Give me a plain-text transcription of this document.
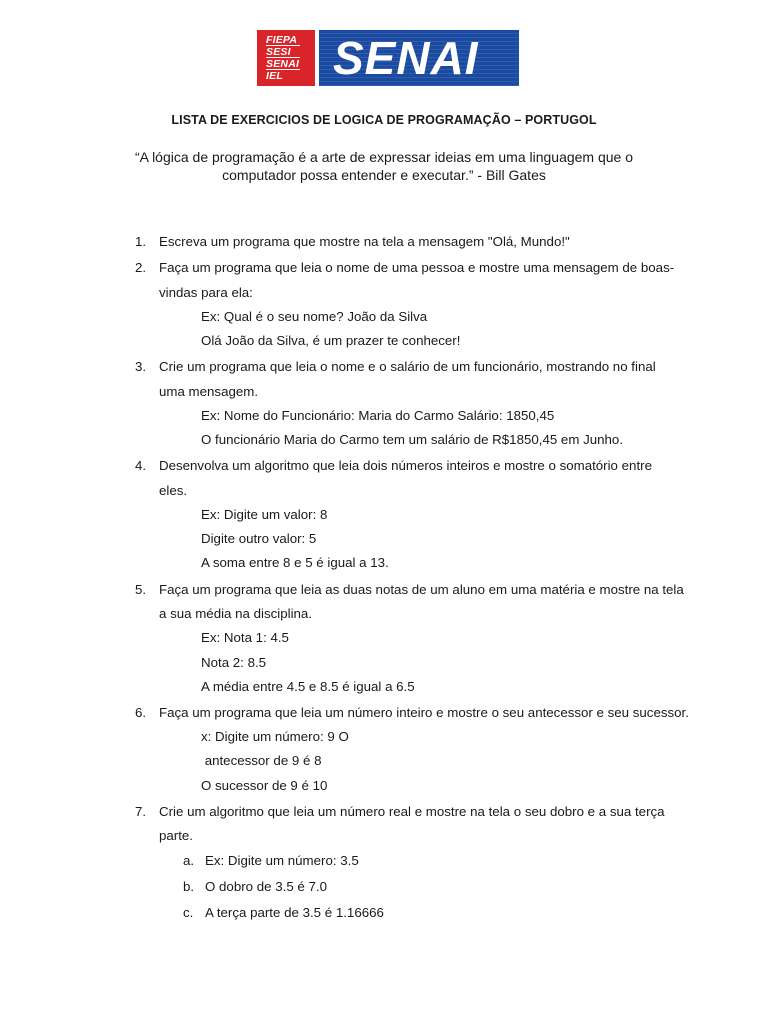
FIEPA
SESI
SENAI
IEL	SENAI
LISTA DE EXERCICIOS DE LOGICA DE PROGRAMAÇÃO – PORTUGOL
“A lógica de programação é a arte de expressar ideias em uma linguagem que o
computador possa entender e executar.” - Bill Gates
1. Escreva um programa que mostre na tela a mensagem "Olá, Mundo!"
2. Faça um programa que leia o nome de uma pessoa e mostre uma mensagem de boas-
vindas para ela:
Ex: Qual é o seu nome? João da Silva
Olá João da Silva, é um prazer te conhecer!
3. Crie um programa que leia o nome e o salário de um funcionário, mostrando no final
uma mensagem.
Ex: Nome do Funcionário: Maria do Carmo Salário: 1850,45
O funcionário Maria do Carmo tem um salário de R$1850,45 em Junho.
4. Desenvolva um algoritmo que leia dois números inteiros e mostre o somatório entre
eles.
Ex: Digite um valor: 8
Digite outro valor: 5
A soma entre 8 e 5 é igual a 13.
5. Faça um programa que leia as duas notas de um aluno em uma matéria e mostre na tela
a sua média na disciplina.
Ex: Nota 1: 4.5
Nota 2: 8.5
A média entre 4.5 e 8.5 é igual a 6.5
6. Faça um programa que leia um número inteiro e mostre o seu antecessor e seu sucessor.
x: Digite um número: 9 O
antecessor de 9 é 8
O sucessor de 9 é 10
7. Crie um algoritmo que leia um número real e mostre na tela o seu dobro e a sua terça
parte.
a. Ex: Digite um número: 3.5
b. O dobro de 3.5 é 7.0
c. A terça parte de 3.5 é 1.16666
